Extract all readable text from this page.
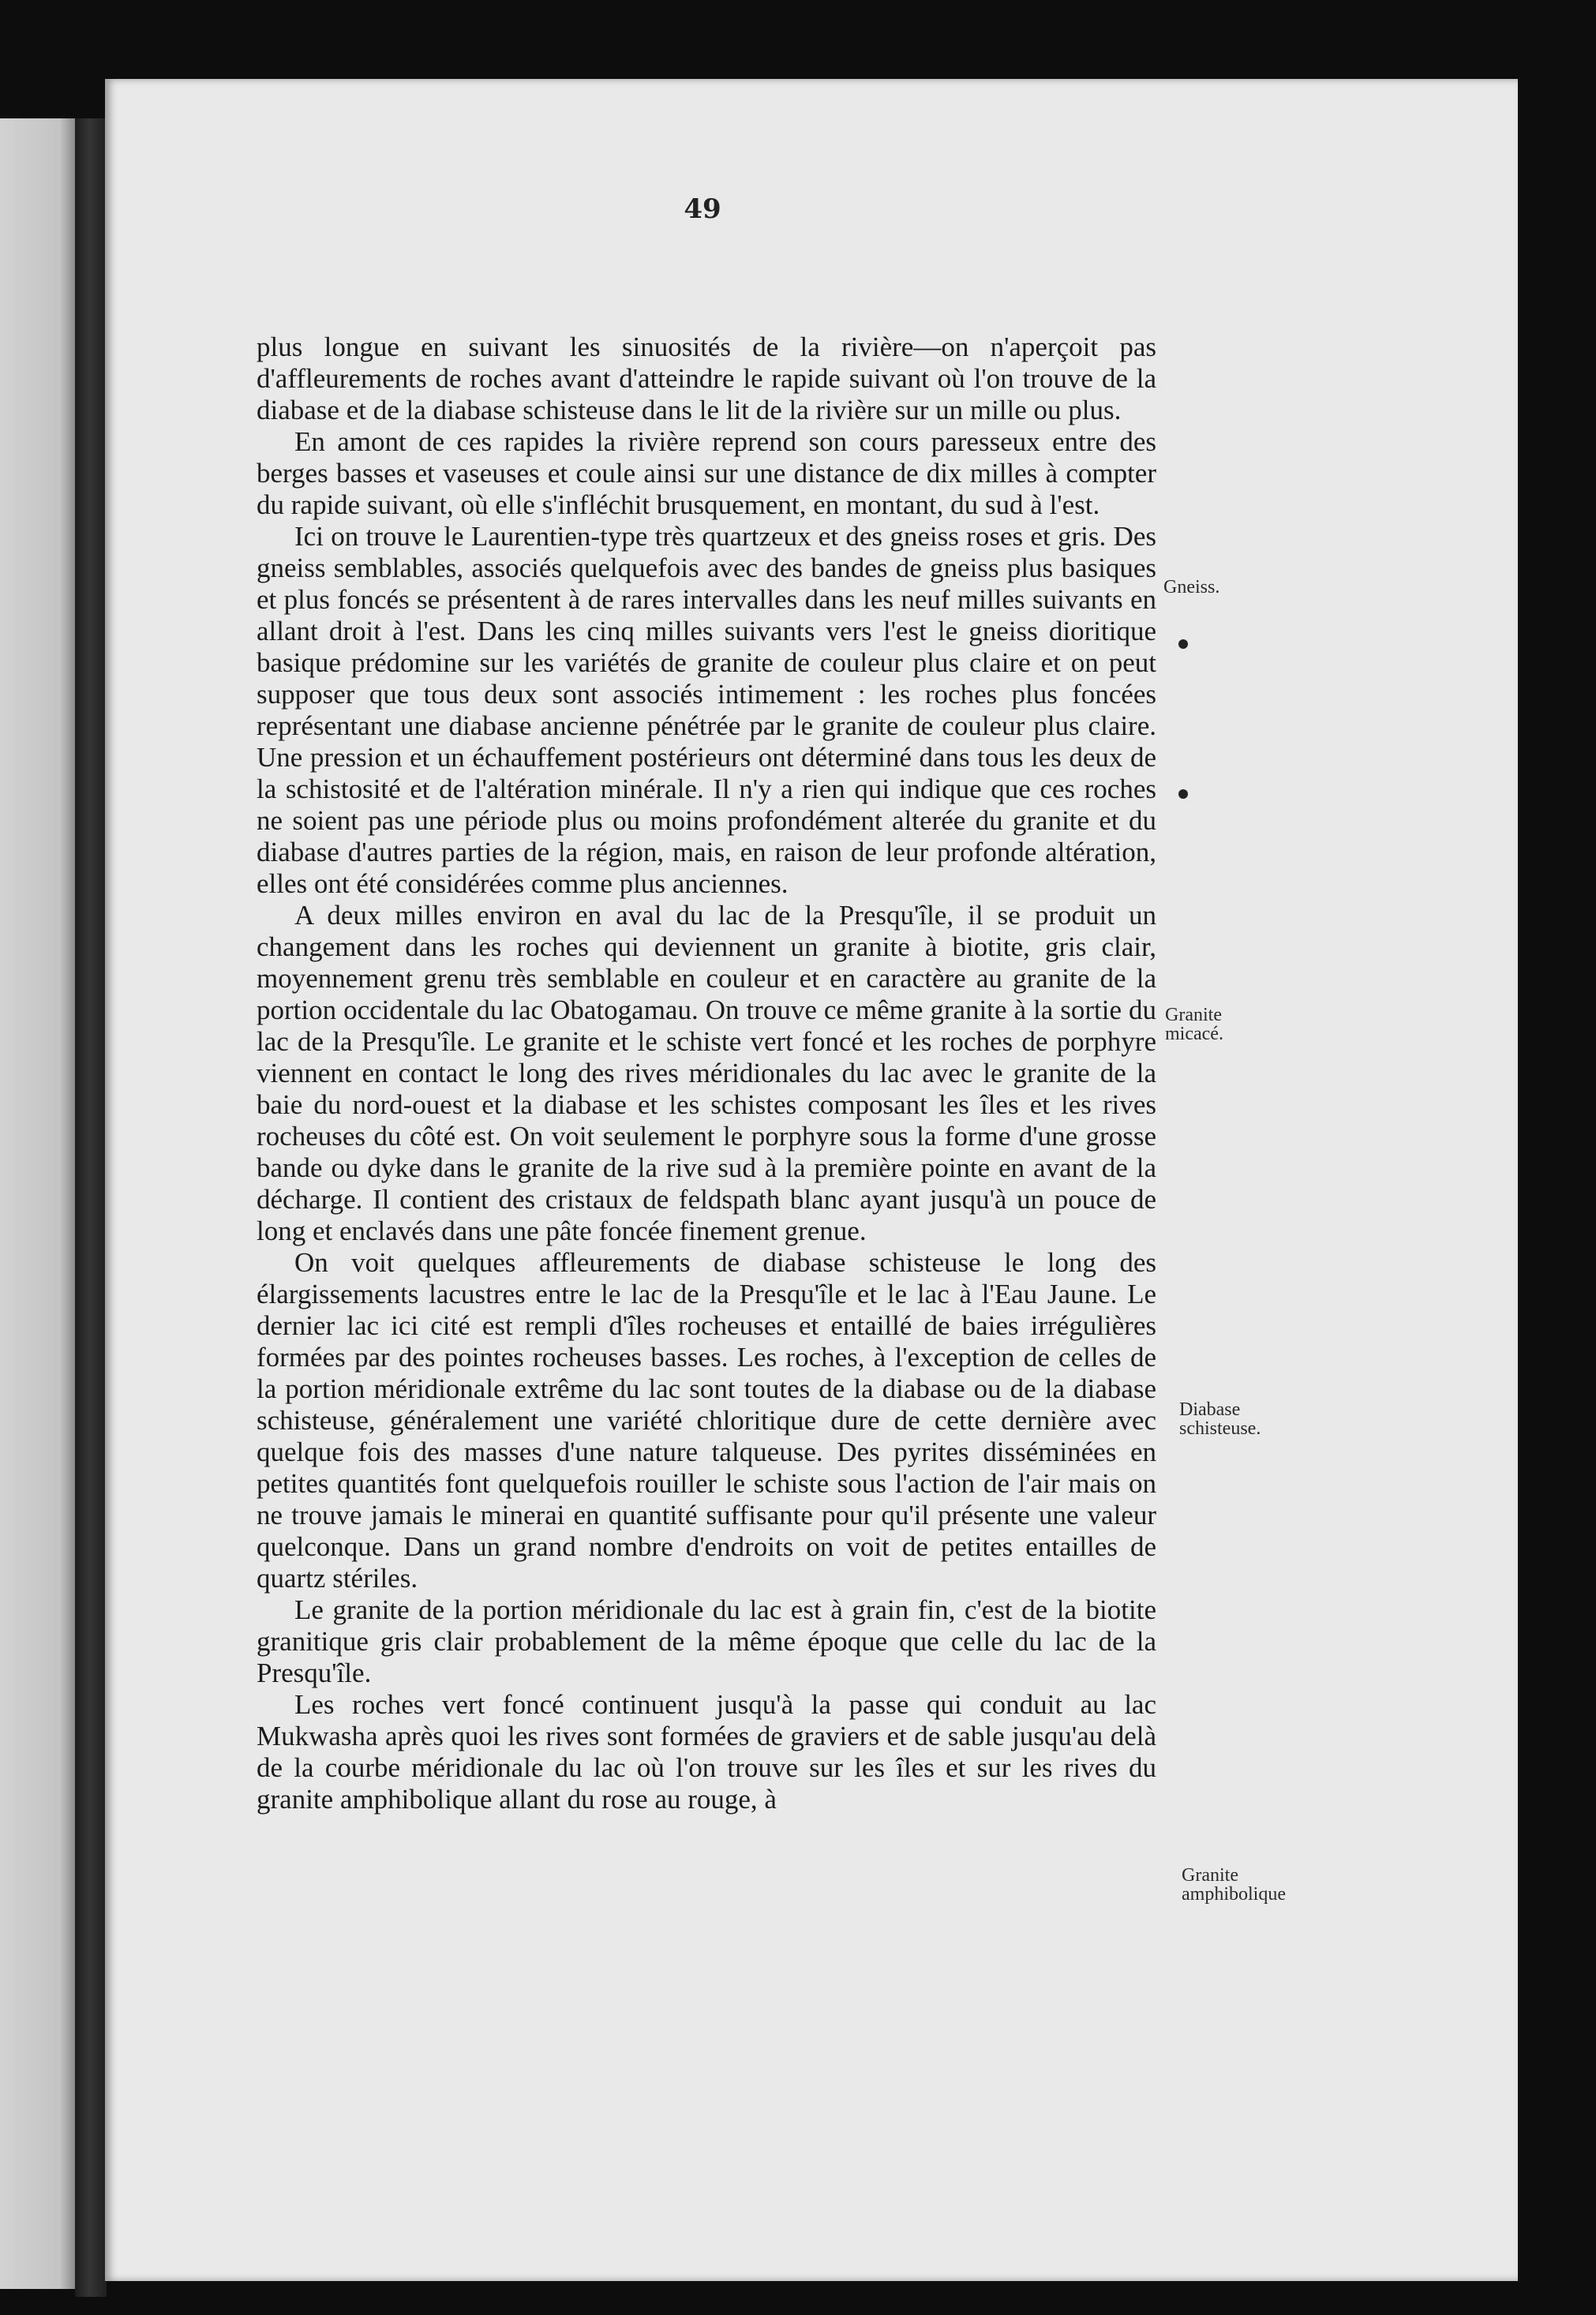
49

plus longue en suivant les sinuosités de la rivière—on n'aperçoit pas d'affleurements de roches avant d'atteindre le rapide suivant où l'on trouve de la diabase et de la diabase schisteuse dans le lit de la rivière sur un mille ou plus.

En amont de ces rapides la rivière reprend son cours paresseux entre des berges basses et vaseuses et coule ainsi sur une distance de dix milles à compter du rapide suivant, où elle s'infléchit brusquement, en montant, du sud à l'est.

Ici on trouve le Laurentien-type très quartzeux et des gneiss roses et gris. Des gneiss semblables, associés quelquefois avec des bandes de gneiss plus basiques et plus foncés se présentent à de rares intervalles dans les neuf milles suivants en allant droit à l'est. Dans les cinq milles suivants vers l'est le gneiss dioritique basique prédomine sur les variétés de granite de couleur plus claire et on peut supposer que tous deux sont associés intimement : les roches plus foncées représentant une diabase ancienne pénétrée par le granite de couleur plus claire. Une pression et un échauffement postérieurs ont déterminé dans tous les deux de la schistosité et de l'altération minérale. Il n'y a rien qui indique que ces roches ne soient pas une période plus ou moins profondément alterée du granite et du diabase d'autres parties de la région, mais, en raison de leur profonde altération, elles ont été considérées comme plus anciennes.

A deux milles environ en aval du lac de la Presqu'île, il se produit un changement dans les roches qui deviennent un granite à biotite, gris clair, moyennement grenu très semblable en couleur et en caractère au granite de la portion occidentale du lac Obatogamau. On trouve ce même granite à la sortie du lac de la Presqu'île. Le granite et le schiste vert foncé et les roches de porphyre viennent en contact le long des rives méridionales du lac avec le granite de la baie du nord-ouest et la diabase et les schistes composant les îles et les rives rocheuses du côté est. On voit seulement le porphyre sous la forme d'une grosse bande ou dyke dans le granite de la rive sud à la première pointe en avant de la décharge. Il contient des cristaux de feldspath blanc ayant jusqu'à un pouce de long et enclavés dans une pâte foncée finement grenue.

On voit quelques affleurements de diabase schisteuse le long des élargissements lacustres entre le lac de la Presqu'île et le lac à l'Eau Jaune. Le dernier lac ici cité est rempli d'îles rocheuses et entaillé de baies irrégulières formées par des pointes rocheuses basses. Les roches, à l'exception de celles de la portion méridionale extrême du lac sont toutes de la diabase ou de la diabase schisteuse, généralement une variété chloritique dure de cette dernière avec quelque fois des masses d'une nature talqueuse. Des pyrites disséminées en petites quantités font quelquefois rouiller le schiste sous l'action de l'air mais on ne trouve jamais le minerai en quantité suffisante pour qu'il présente une valeur quelconque. Dans un grand nombre d'endroits on voit de petites entailles de quartz stériles.

Le granite de la portion méridionale du lac est à grain fin, c'est de la biotite granitique gris clair probablement de la même époque que celle du lac de la Presqu'île.

Les roches vert foncé continuent jusqu'à la passe qui conduit au lac Mukwasha après quoi les rives sont formées de graviers et de sable jusqu'au delà de la courbe méridionale du lac où l'on trouve sur les îles et sur les rives du granite amphibolique allant du rose au rouge, à

Gneiss.
Granite
micacé.
Diabase
schisteuse.
Granite
amphibolique
